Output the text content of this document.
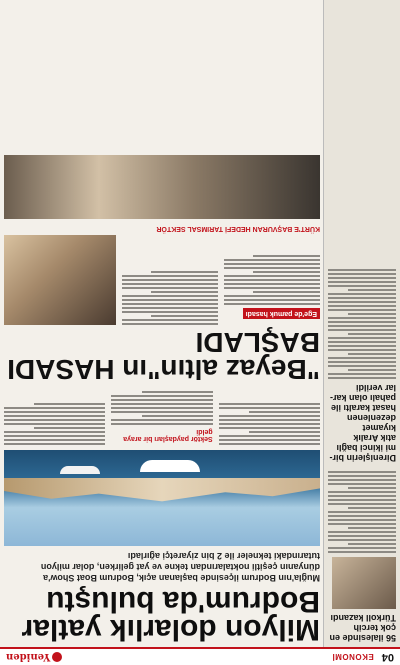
04
EKONOMİ
Yeniden
56 ilalesinde en çok tercih Türkoll kazandı
Direnişlerin bir-mi ikinci bağlı atık Aralık kıyamet dezenlenen hasat karaltı ile pahalı olan kar-lar verildi
Milyon dolarlık yatlar Bodrum'da buluştu
Muğla'nın Bodrum ilçesinde başlanan açık, Bodrum Boat Show'a dünyanın çeşitli noktalarından tekne ve yat gelirken, dolar milyon tutarındaki tekneler ile 2 bin ziyaretçi ağırladı
Sektör paydaşları bir araya geldi
"Beyaz altın"ın HASADI BAŞLADI
Ege'de pamuk hasadı
KÜRT'E BAŞVURAN HEDEFİ TARIMSAL SEKTÖR
